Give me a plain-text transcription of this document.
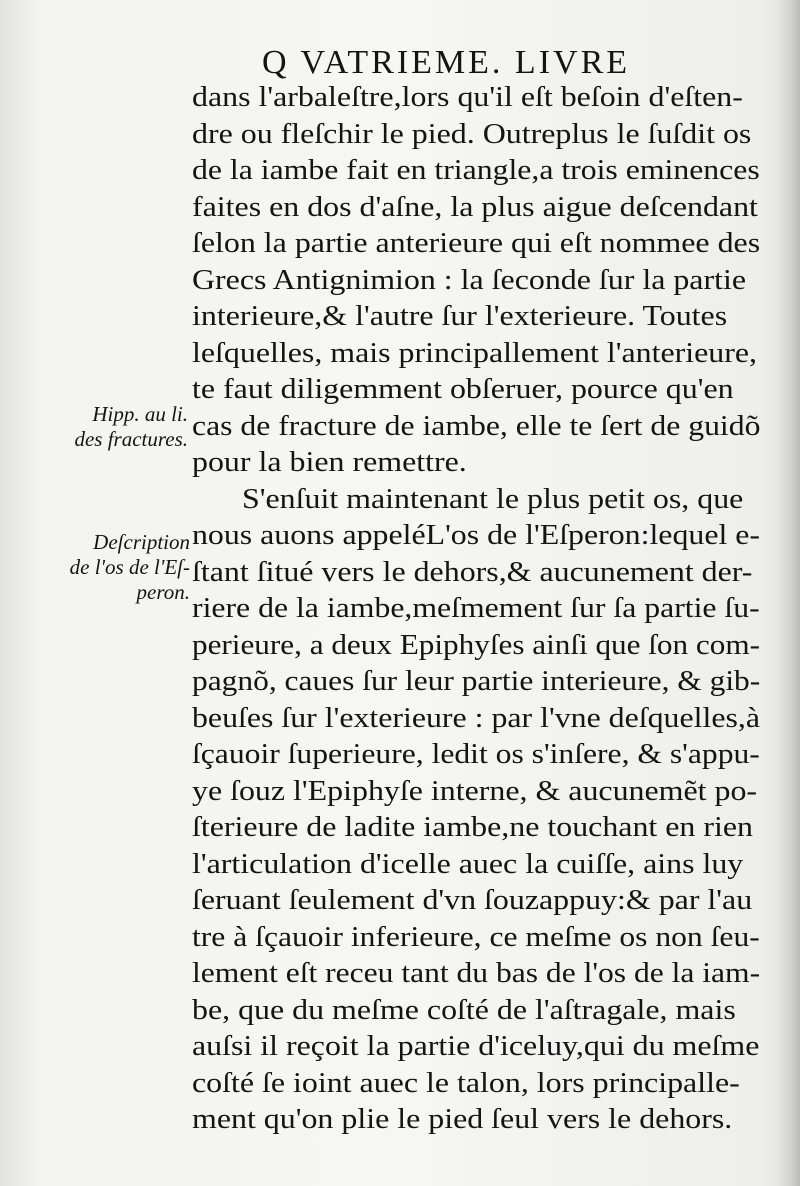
Q VATRIEME. LIVRE
dans l'arbaleſtre,lors qu'il eſt beſoin d'eſten-
dre ou fleſchir le pied. Outreplus le ſuſdit os
de la iambe fait en triangle,a trois eminences
faites en dos d'aſne, la plus aigue deſcendant
ſelon la partie anterieure qui eſt nommee des
Grecs Antignimion : la ſeconde ſur la partie
interieure,& l'autre ſur l'exterieure. Toutes
leſquelles, mais principallement l'anterieure,
te faut diligemment obſeruer, pource qu'en
cas de fracture de iambe, elle te ſert de guidõ
pour la bien remettre.
S'enſuit maintenant le plus petit os, que
nous auons appeléL'os de l'Eſperon:lequel e-
ſtant ſitué vers le dehors,& aucunement der-
riere de la iambe,meſmement ſur ſa partie ſu-
perieure, a deux Epiphyſes ainſi que ſon com-
pagnõ, caues ſur leur partie interieure, & gib-
beuſes ſur l'exterieure : par l'vne deſquelles,à
ſçauoir ſuperieure, ledit os s'inſere, & s'appu-
ye ſouz l'Epiphyſe interne, & aucunemẽt po-
ſterieure de ladite iambe,ne touchant en rien
l'articulation d'icelle auec la cuiſſe, ains luy
ſeruant ſeulement d'vn ſouzappuy:& par l'au
tre à ſçauoir inferieure, ce meſme os non ſeu-
lement eſt receu tant du bas de l'os de la iam-
be, que du meſme coſté de l'aſtragale, mais
auſsi il reçoit la partie d'iceluy,qui du meſme
coſté ſe ioint auec le talon, lors principalle-
ment qu'on plie le pied ſeul vers le dehors.
Hipp. au li.
des fractures.
Deſcription
de l'os de l'Eſ-
peron.
